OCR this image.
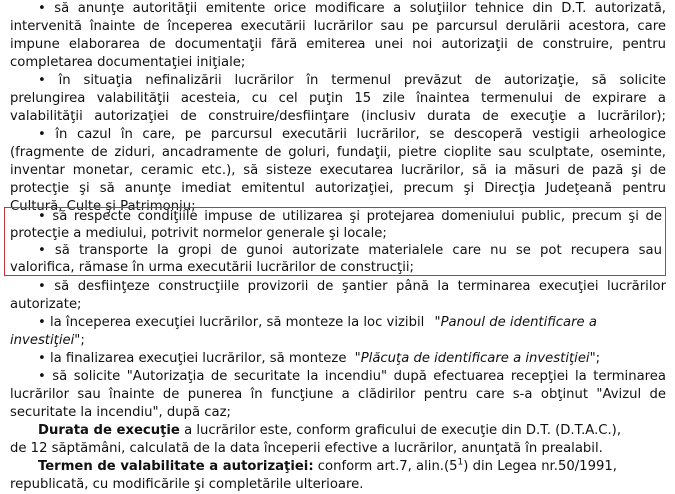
• să anunţe autorităţii emitente orice modificare a soluţiilor tehnice din D.T. autorizată,
intervenită înainte de începerea executării lucrărilor sau pe parcursul derulării acestora, care
impune elaborarea de documentaţii fără emiterea unei noi autorizaţii de construire, pentru
completarea documentaţiei iniţiale;
• în situaţia nefinalizării lucrărilor în termenul prevăzut de autorizaţie, să solicite
prelungirea valabilităţii acesteia, cu cel puţin 15 zile înaintea termenului de expirare a
valabilităţii autorizaţiei de construire/desfiinţare (inclusiv durata de execuţie a lucrărilor);
• în cazul în care, pe parcursul executării lucrărilor, se descoperă vestigii arheologice
(fragmente de ziduri, ancadramente de goluri, fundaţii, pietre cioplite sau sculptate, oseminte,
inventar monetar, ceramic etc.), să sisteze executarea lucrărilor, să ia măsuri de pază şi de
protecţie şi să anunţe imediat emitentul autorizaţiei, precum şi Direcţia Judeţeană pentru
Cultură, Culte şi Patrimoniu;
• să respecte condiţiile impuse de utilizarea şi protejarea domeniului public, precum şi de
protecţie a mediului, potrivit normelor generale şi locale;
• să transporte la gropi de gunoi autorizate materialele care nu se pot recupera sau
valorifica, rămase în urma executării lucrărilor de construcţii;
• să desfiinţeze construcţiile provizorii de şantier până la terminarea execuţiei lucrărilor
autorizate;
• la începerea execuţiei lucrărilor, să monteze la loc vizibil "Panoul de identificare a
investiţiei";
• la finalizarea execuţiei lucrărilor, să monteze "Plăcuţa de identificare a investiţiei";
• să solicite "Autorizaţia de securitate la incendiu" după efectuarea recepţiei la terminarea
lucrărilor sau înainte de punerea în funcţiune a clădirilor pentru care s-a obţinut "Avizul de
securitate la incendiu", după caz;
Durata de execuţie a lucrărilor este, conform graficului de execuţie din D.T. (D.T.A.C.),
de 12 săptămâni, calculată de la data începerii efective a lucrărilor, anunţată în prealabil.
Termen de valabilitate a autorizaţiei: conform art.7, $alin.(5^1)$ din Legea nr.50/1991,
republicată, cu modificările şi completările ulterioare.
